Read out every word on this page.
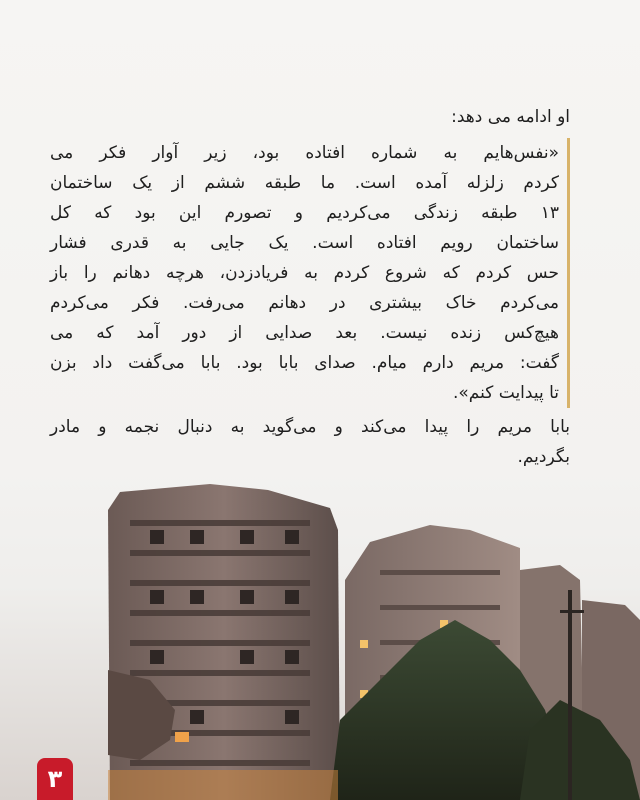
او ادامه می دهد:

«نفس‌هایم به شماره افتاده بود، زیر آوار فکر می

کردم زلزله آمده است. ما طبقه ششم از یک ساختمان

۱۳ طبقه زندگی می‌کردیم و تصورم این بود که کل

ساختمان رویم افتاده است. یک جایی به قدری فشار

حس کردم که شروع کردم به فریادزدن، هرچه دهانم را باز

می‌کردم خاک بیشتری در دهانم می‌رفت. فکر می‌کردم

هیچ‌کس زنده نیست. بعد صدایی از دور آمد که می

گفت: مریم دارم میام. صدای بابا بود. بابا می‌گفت داد بزن

تا پیدایت کنم».

بابا مریم را پیدا می‌کند و می‌گوید به دنبال نجمه و مادر

بگردیم.

۳
